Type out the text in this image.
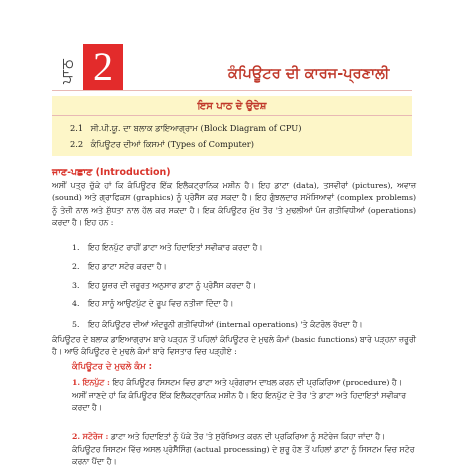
ਪਾਠ 2	ਕੰਪਿਊਟਰ ਦੀ ਕਾਰਜ-ਪ੍ਰਣਾਲੀ
ਇਸ ਪਾਠ ਦੇ ਉਦੇਸ਼
2.1 ਸੀ.ਪੀ.ਯੂ. ਦਾ ਬਲਾਕ ਡਾਇਆਗ੍ਰਾਮ (Block Diagram of CPU)
2.2 ਕੰਪਿਊਟਰ ਦੀਆਂ ਕਿਸਮਾਂ (Types of Computer)
ਜਾਣ-ਪਛਾਣ (Introduction)
ਅਸੀਂ ਪਤ੍ਰ ਚੁੱਕੇ ਹਾਂ ਕਿ ਕੰਪਿਊਟਰ ਇੱਕ ਇਲੈਕਟ੍ਰਾਨਿਕ ਮਸ਼ੀਨ ਹੈ। ਇਹ ਡਾਟਾ (data), ਤਸਵੀਰਾਂ (pictures), ਅਵਾਜ਼ (sound) ਅਤੇ ਗ੍ਰਾਫਿਕਸ (graphics) ਨੂੰ ਪ੍ਰੋਸੈੱਸ ਕਰ ਸਕਦਾ ਹੈ। ਇਹ ਗੁੰਝਲਦਾਰ ਸਮੱਸਿਆਵਾਂ (complex problems) ਨੂੰ ਤੇਜ਼ੀ ਨਾਲ ਅਤੇ ਸ਼ੁੱਧਤਾ ਨਾਲ ਹੱਲ ਕਰ ਸਕਦਾ ਹੈ। ਇਕ ਕੰਪਿਊਟਰ ਮੁੱਖ ਤੌਰ 'ਤੇ ਮੁਢਲੀਆਂ ਪੰਜ ਗਤੀਵਿਧੀਆਂ (operations) ਕਰਦਾ ਹੈ। ਇਹ ਹਨ :
1. ਇਹ ਇਨਪੁੱਟ ਰਾਹੀਂ ਡਾਟਾ ਅਤੇ ਹਿਦਾਇਤਾਂ ਸਵੀਕਾਰ ਕਰਦਾ ਹੈ।
2. ਇਹ ਡਾਟਾ ਸਟੋਰ ਕਰਦਾ ਹੈ।
3. ਇਹ ਯੂਜ਼ਰ ਦੀ ਜ਼ਰੂਰਤ ਅਨੁਸਾਰ ਡਾਟਾ ਨੂੰ ਪ੍ਰੋਸੈੱਸ ਕਰਦਾ ਹੈ।
4. ਇਹ ਸਾਨੂੰ ਆਉਟਪੁੱਟ ਦੇ ਰੂਪ ਵਿਚ ਨਤੀਜਾ ਦਿੰਦਾ ਹੈ।
5. ਇਹ ਕੰਪਿਊਟਰ ਦੀਆਂ ਅੰਦਰੂਨੀ ਗਤੀਵਿਧੀਆਂ (internal operations) 'ਤੇ ਕੰਟਰੋਲ ਰੱਖਦਾ ਹੈ।
ਕੰਪਿਊਟਰ ਦੇ ਬਲਾਕ ਡਾਇਆਗ੍ਰਾਮ ਬਾਰੇ ਪੜ੍ਹਨ ਤੋਂ ਪਹਿਲਾਂ ਕੰਪਿਊਟਰ ਦੇ ਮੁਢਲੇ ਕੰਮਾਂ (basic functions) ਬਾਰੇ ਪੜ੍ਹਨਾ ਜ਼ਰੂਰੀ ਹੈ। ਆਓ ਕੰਪਿਊਟਰ ਦੇ ਮੁਢਲੇ ਕੰਮਾਂ ਬਾਰੇ ਵਿਸਤਾਰ ਵਿਚ ਪੜ੍ਹੀਏ :
ਕੰਪਿਊਟਰ ਦੇ ਮੁਢਲੇ ਕੰਮ :
1. ਇਨਪੁੱਟ : ਇਹ ਕੰਪਿਊਟਰ ਸਿਸਟਮ ਵਿਚ ਡਾਟਾ ਅਤੇ ਪ੍ਰੋਗਰਾਮ ਦਾਖ਼ਲ ਕਰਨ ਦੀ ਪ੍ਰਕਿਰਿਆ (procedure) ਹੈ। ਅਸੀਂ ਜਾਣਦੇ ਹਾਂ ਕਿ ਕੰਪਿਊਟਰ ਇੱਕ ਇਲੈਕਟ੍ਰਾਨਿਕ ਮਸ਼ੀਨ ਹੈ। ਇਹ ਇਨਪੁੱਟ ਦੇ ਤੌਰ 'ਤੇ ਡਾਟਾ ਅਤੇ ਹਿਦਾਇਤਾਂ ਸਵੀਕਾਰ ਕਰਦਾ ਹੈ।
2. ਸਟੋਰੇਜ : ਡਾਟਾ ਅਤੇ ਹਿਦਾਇਤਾਂ ਨੂੰ ਪੱਕੇ ਤੌਰ 'ਤੇ ਸੁਰੱਖਿਅਤ ਕਰਨ ਦੀ ਪ੍ਰਕਿਰਿਆ ਨੂੰ ਸਟੋਰੇਜ ਕਿਹਾ ਜਾਂਦਾ ਹੈ। ਕੰਪਿਊਟਰ ਸਿਸਟਮ ਵਿੱਚ ਅਸਲ ਪ੍ਰੋਸੈੱਸਿੰਗ (actual processing) ਦੇ ਸ਼ੁਰੂ ਹੋਣ ਤੋਂ ਪਹਿਲਾਂ ਡਾਟਾ ਨੂੰ ਸਿਸਟਮ ਵਿਚ ਸਟੋਰ ਕਰਨਾ ਪੈਂਦਾ ਹੈ।
